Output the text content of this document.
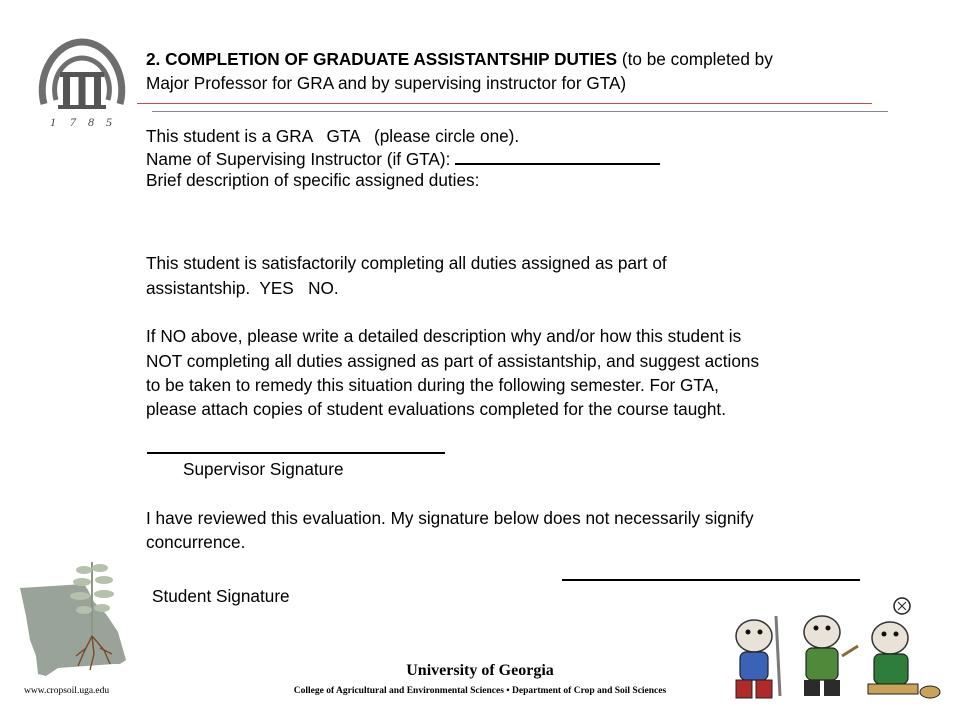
1 7 8 5
2. COMPLETION OF GRADUATE ASSISTANTSHIP DUTIES (to be completed by
Major Professor for GRA and by supervising instructor for GTA)
This student is a GRA   GTA   (please circle one).
Name of Supervising Instructor (if GTA):
Brief description of specific assigned duties:
This student is satisfactorily completing all duties assigned as part of
assistantship.  YES   NO.
If NO above, please write a detailed description why and/or how this student is
NOT completing all duties assigned as part of assistantship, and suggest actions
to be taken to remedy this situation during the following semester. For GTA,
please attach copies of student evaluations completed for the course taught.
Supervisor Signature
I have reviewed this evaluation. My signature below does not necessarily signify
concurrence.
Student Signature
University of Georgia
College of Agricultural and Environmental Sciences • Department of Crop and Soil Sciences
www.cropsoil.uga.edu
